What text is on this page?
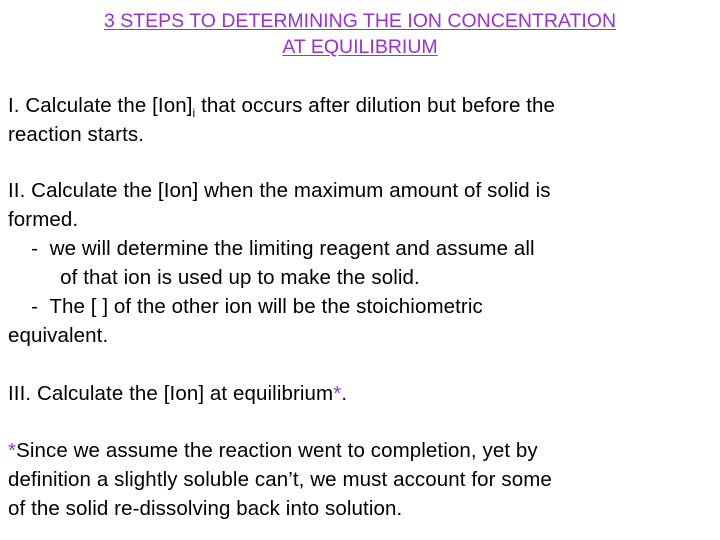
3 STEPS TO DETERMINING THE ION CONCENTRATION
AT EQUILIBRIUM
I. Calculate the $[Ion]_i$ that occurs after dilution but before the
reaction starts.
II. Calculate the [Ion] when the maximum amount of solid is
formed.
-  we will determine the limiting reagent and assume all
of that ion is used up to make the solid.
-  The [ ] of the other ion will be the stoichiometric
equivalent.
III. Calculate the [Ion] at equilibrium*.
*Since we assume the reaction went to completion, yet by
definition a slightly soluble can’t, we must account for some
of the solid re-dissolving back into solution.
